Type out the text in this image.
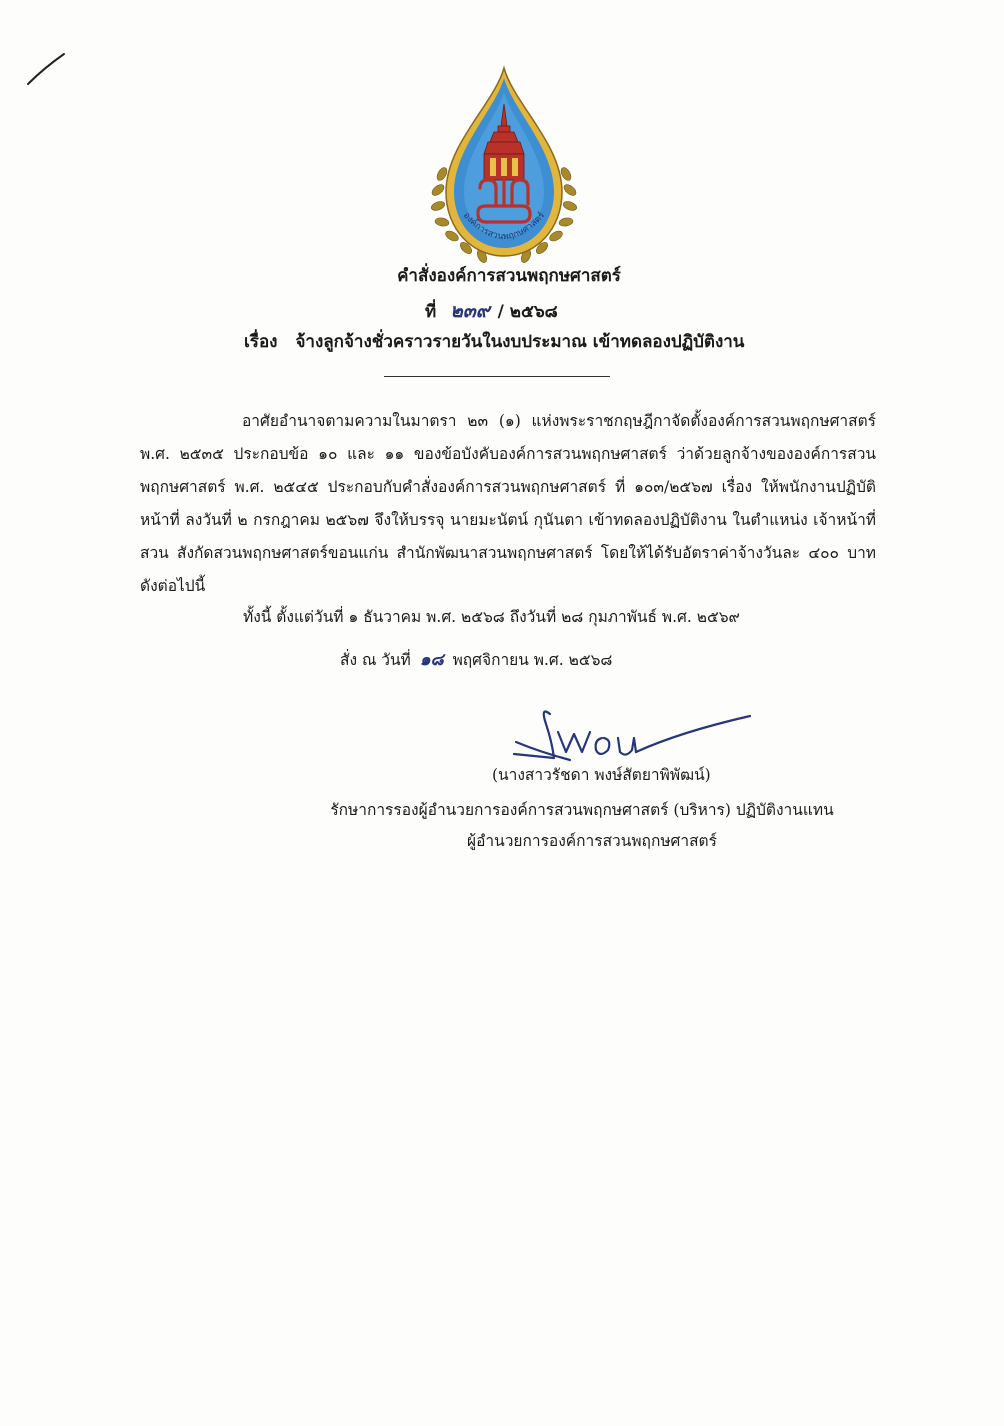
องค์การสวนพฤกษศาสตร์
คำสั่งองค์การสวนพฤกษศาสตร์
ที่ ๒๓๙ / ๒๕๖๘
เรื่อง จ้างลูกจ้างชั่วคราวรายวันในงบประมาณ เข้าทดลองปฏิบัติงาน
อาศัยอำนาจตามความในมาตรา ๒๓ (๑) แห่งพระราชกฤษฎีกาจัดตั้งองค์การสวนพฤกษศาสตร์ พ.ศ. ๒๕๓๕ ประกอบข้อ ๑๐ และ ๑๑ ของข้อบังคับองค์การสวนพฤกษศาสตร์ ว่าด้วยลูกจ้างขององค์การสวนพฤกษศาสตร์ พ.ศ. ๒๕๔๕ ประกอบกับคำสั่งองค์การสวนพฤกษศาสตร์ ที่ ๑๐๓/๒๕๖๗ เรื่อง ให้พนักงานปฏิบัติหน้าที่ ลงวันที่ ๒ กรกฎาคม ๒๕๖๗ จึงให้บรรจุ นายมะนัตน์ กุนันตา เข้าทดลองปฏิบัติงาน ในตำแหน่ง เจ้าหน้าที่สวน สังกัดสวนพฤกษศาสตร์ขอนแก่น สำนักพัฒนาสวนพฤกษศาสตร์ โดยให้ได้รับอัตราค่าจ้างวันละ ๔๐๐ บาท ดังต่อไปนี้
ทั้งนี้ ตั้งแต่วันที่ ๑ ธันวาคม พ.ศ. ๒๕๖๘ ถึงวันที่ ๒๘ กุมภาพันธ์ พ.ศ. ๒๕๖๙
สั่ง ณ วันที่ ๑๘ พฤศจิกายน พ.ศ. ๒๕๖๘
(นางสาวรัชดา พงษ์สัตยาพิพัฒน์)
รักษาการรองผู้อำนวยการองค์การสวนพฤกษศาสตร์ (บริหาร) ปฏิบัติงานแทน
ผู้อำนวยการองค์การสวนพฤกษศาสตร์
